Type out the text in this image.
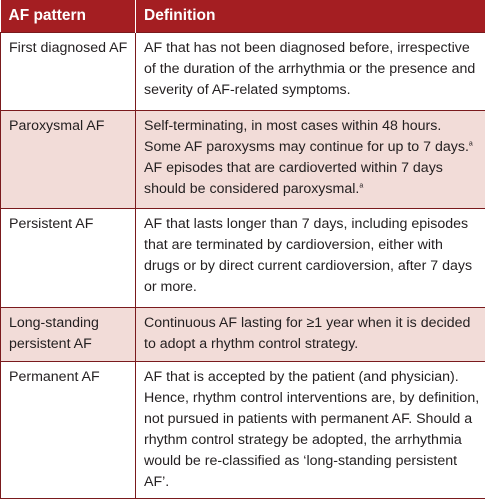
AF pattern	Definition
First diagnosed AF	AF that has not been diagnosed before, irrespective of the duration of the arrhythmia or the presence and severity of AF-related symptoms.
Paroxysmal AF	Self-terminating, in most cases within 48 hours. Some AF paroxysms may continue for up to 7 days.$^a$ AF episodes that are cardioverted within 7 days should be considered paroxysmal.$^a$
Persistent AF	AF that lasts longer than 7 days, including episodes that are terminated by cardioversion, either with drugs or by direct current cardioversion, after 7 days or more.
Long-standing persistent AF	Continuous AF lasting for ≥1 year when it is decided to adopt a rhythm control strategy.
Permanent AF	AF that is accepted by the patient (and physician). Hence, rhythm control interventions are, by definition, not pursued in patients with permanent AF. Should a rhythm control strategy be adopted, the arrhythmia would be re-classified as ‘long-standing persistent AF’.
